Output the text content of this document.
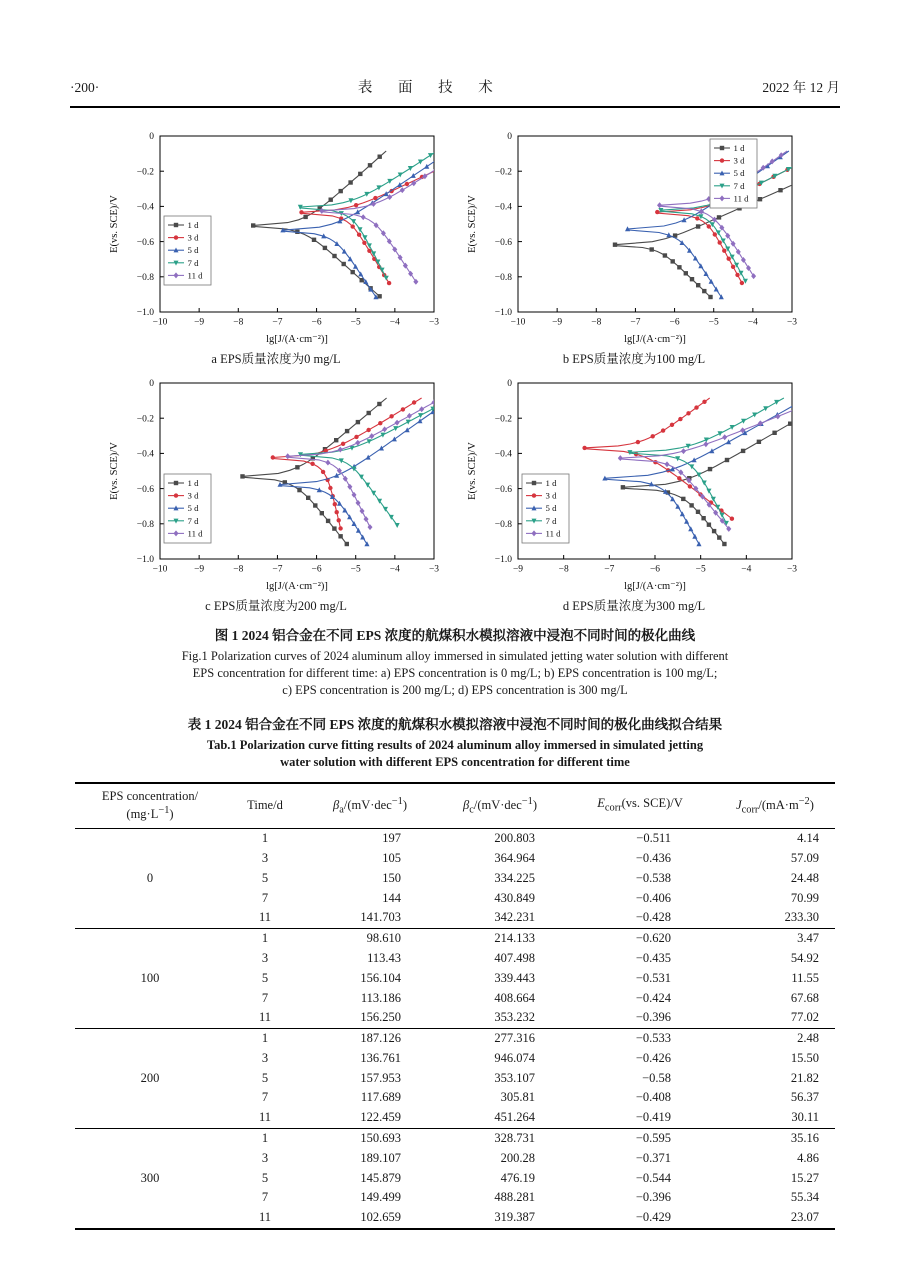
·200·	表 面 技 术	2022 年 12 月
−10	−9	−8	−7	−6	−5	−4	−3
0
−0.2
−0.4
−0.6
−0.8
−1.0
lg[J/(A·cm⁻²)]
E(vs. SCE)/V	1 d
3 d
5 d
7 d
11 d
a EPS质量浓度为0 mg/L
−10	−9	−8	−7	−6	−5	−4	−3
0
−0.2
−0.4
−0.6
−0.8
−1.0
lg[J/(A·cm⁻²)]
E(vs. SCE)/V
1 d
3 d
5 d
7 d
11 d
b EPS质量浓度为100 mg/L
−10	−9	−8	−7	−6	−5	−4	−3
0
−0.2
−0.4
−0.6
−0.8
−1.0
lg[J/(A·cm⁻²)]
E(vs. SCE)/V	1 d
3 d
5 d
7 d
11 d
c EPS质量浓度为200 mg/L
−9	−8	−7	−6	−5	−4	−3
0
−0.2
−0.4
−0.6
−0.8
−1.0
lg[J/(A·cm⁻²)]
E(vs. SCE)/V	1 d
3 d
5 d
7 d
11 d
d EPS质量浓度为300 mg/L
图 1 2024 铝合金在不同 EPS 浓度的航煤积水模拟溶液中浸泡不同时间的极化曲线
Fig.1 Polarization curves of 2024 aluminum alloy immersed in simulated jetting water solution with different
EPS concentration for different time: a) EPS concentration is 0 mg/L; b) EPS concentration is 100 mg/L;
c) EPS concentration is 200 mg/L; d) EPS concentration is 300 mg/L
表 1 2024 铝合金在不同 EPS 浓度的航煤积水模拟溶液中浸泡不同时间的极化曲线拟合结果
Tab.1 Polarization curve fitting results of 2024 aluminum alloy immersed in simulated jetting
water solution with different EPS concentration for different time
EPS concentration/
$(mg\cdot L^{-1})$	Time/d	$\beta_a/(mV\cdot dec^{-1})$	$\beta_c/(mV\cdot dec^{-1})$	$E_{corr}(vs$. SCE)/V	$J_{corr}/(mA\cdot m^{-2})$
0	1	197	200.803	−0.511	4.14
	3	105	364.964	−0.436	57.09
	5	150	334.225	−0.538	24.48
	7	144	430.849	−0.406	70.99
	11	141.703	342.231	−0.428	233.30
100	1	98.610	214.133	−0.620	3.47
	3	113.43	407.498	−0.435	54.92
	5	156.104	339.443	−0.531	11.55
	7	113.186	408.664	−0.424	67.68
	11	156.250	353.232	−0.396	77.02
200	1	187.126	277.316	−0.533	2.48
	3	136.761	946.074	−0.426	15.50
	5	157.953	353.107	−0.58	21.82
	7	117.689	305.81	−0.408	56.37
	11	122.459	451.264	−0.419	30.11
300	1	150.693	328.731	−0.595	35.16
	3	189.107	200.28	−0.371	4.86
	5	145.879	476.19	−0.544	15.27
	7	149.499	488.281	−0.396	55.34
	11	102.659	319.387	−0.429	23.07
